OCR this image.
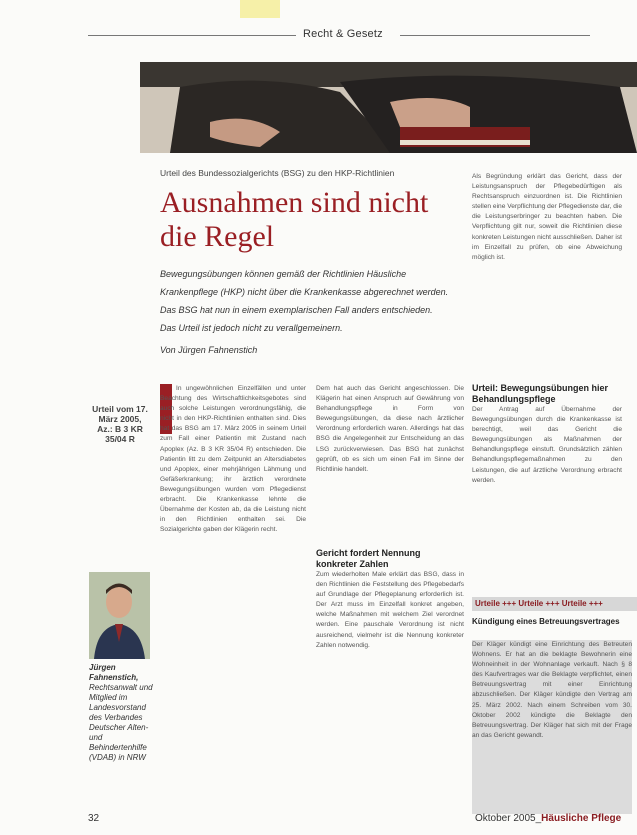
Recht & Gesetz
Urteil des Bundessozialgerichts (BSG) zu den HKP-Richtlinien
Ausnahmen sind nicht die Regel
Bewegungsübungen können gemäß der Richtlinien Häusliche Krankenpflege (HKP) nicht über die Krankenkasse abgerechnet werden. Das BSG hat nun in einem exemplarischen Fall anders entschieden. Das Urteil ist jedoch nicht zu verallgemeinern.
Von Jürgen Fahnenstich
Urteil vom 17. März 2005, Az.: B 3 KR 35/04 R
In ungewöhnlichen Einzelfällen und unter Beachtung des Wirtschaftlichkeitsgebotes sind auch solche Leistungen verordnungsfähig, die nicht in den HKP-Richtlinien enthalten sind. Dies hat das BSG am 17. März 2005 in seinem Urteil zum Fall einer Patientin mit Zustand nach Apoplex (Az. B 3 KR 35/04 R) entschieden. Die Patientin litt zu dem Zeitpunkt an Altersdiabetes und Apoplex, einer mehrjährigen Lähmung und Gefäßerkrankung; ihr ärztlich verordnete Bewegungsübungen wurden vom Pflegedienst erbracht. Die Krankenkasse lehnte die Übernahme der Kosten ab, da die Leistung nicht in den Richtlinien enthalten sei. Die Sozialgerichte gaben der Klägerin recht.
Dem hat auch das Gericht angeschlossen. Die Klägerin hat einen Anspruch auf Gewährung von Behandlungspflege in Form von Bewegungsübungen, da diese nach ärztlicher Verordnung erforderlich waren. Allerdings hat das BSG die Angelegenheit zur Entscheidung an das LSG zurückverwiesen. Das BSG hat zunächst geprüft, ob es sich um einen Fall im Sinne der Richtlinie handelt.
Gericht fordert Nennung konkreter Zahlen
Zum wiederholten Male erklärt das BSG, dass in den Richtlinien die Feststellung des Pflegebedarfs auf Grundlage der Pflegeplanung erforderlich ist. Der Arzt muss im Einzelfall konkret angeben, welche Maßnahmen mit welchem Ziel verordnet werden. Eine pauschale Verordnung ist nicht ausreichend, vielmehr ist die Nennung konkreter Zahlen notwendig.
Als Begründung erklärt das Gericht, dass der Leistungsanspruch der Pflegebedürftigen als Rechtsanspruch einzuordnen ist. Die Richtlinien stellen eine Verpflichtung der Pflegedienste dar, die die Leistungserbringer zu beachten haben. Die Verpflichtung gilt nur, soweit die Richtlinien diese konkreten Leistungen nicht ausschließen. Daher ist im Einzelfall zu prüfen, ob eine Abweichung möglich ist.
Urteil: Bewegungsübungen hier Behandlungspflege
Der Antrag auf Übernahme der Bewegungsübungen durch die Krankenkasse ist berechtigt, weil das Gericht die Bewegungsübungen als Maßnahmen der Behandlungspflege einstuft. Grundsätzlich zählen Behandlungspflegemaßnahmen zu den Leistungen, die auf ärztliche Verordnung erbracht werden.
Jürgen Fahnenstich, Rechtsanwalt und Mitglied im Landesvorstand des Verbandes Deutscher Alten- und Behindertenhilfe (VDAB) in NRW
Urteile +++ Urteile +++ Urteile +++
Kündigung eines Betreuungsvertrages
Der Kläger kündigt eine Einrichtung des Betreuten Wohnens. Er hat an die beklagte Bewohnerin eine Wohneinheit in der Wohnanlage verkauft. Nach § 8 des Kaufvertrages war die Beklagte verpflichtet, einen Betreuungsvertrag mit einer Einrichtung abzuschließen. Der Kläger kündigte den Vertrag am 25. März 2002. Nach einem Schreiben vom 30. Oktober 2002 kündigte die Beklagte den Betreuungsvertrag. Der Kläger hat sich mit der Frage an das Gericht gewandt.
32	Oktober 2005_Häusliche Pflege
